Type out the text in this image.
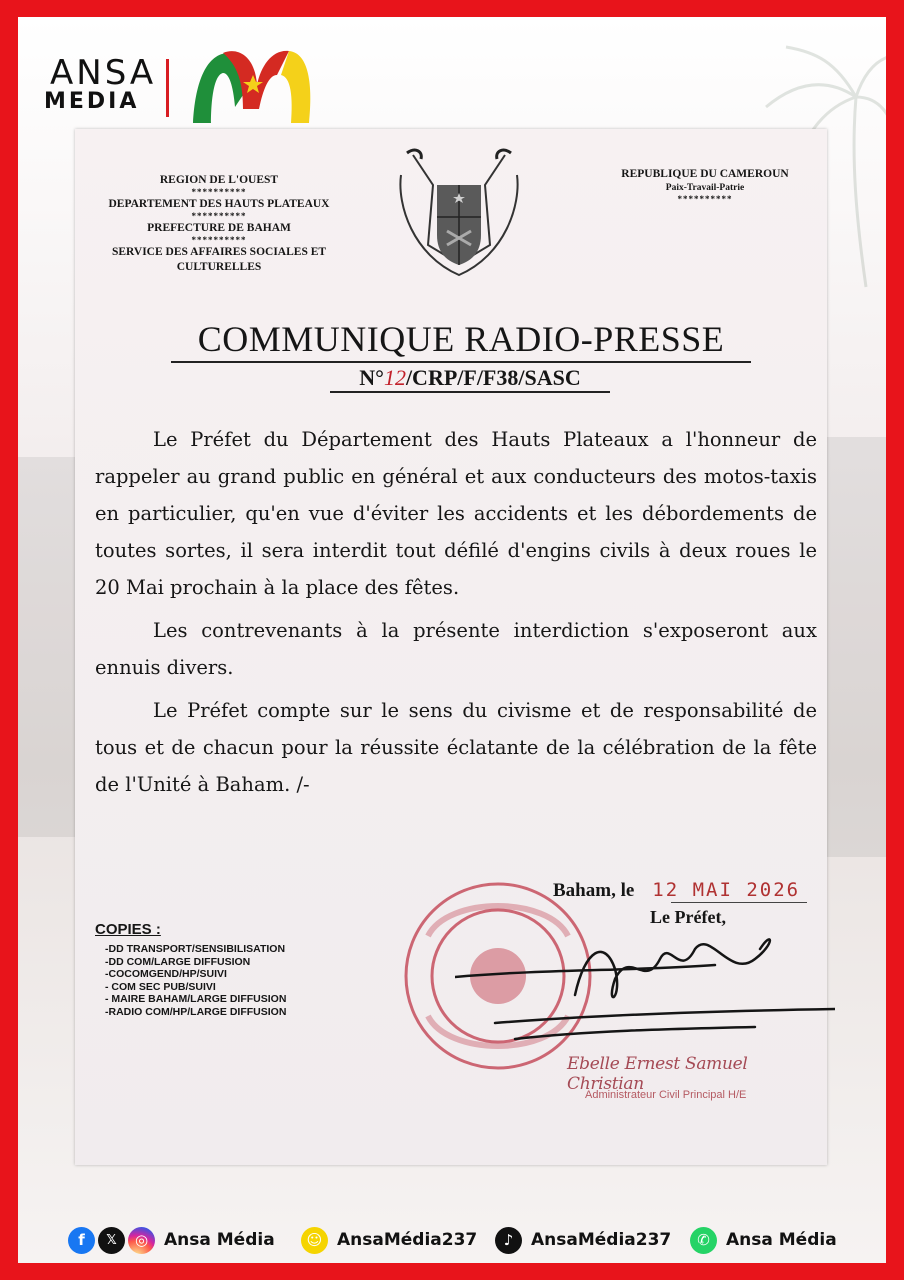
ANSA
MEDIA
REGION DE L'OUEST
**********
DEPARTEMENT DES HAUTS PLATEAUX
**********
PREFECTURE DE BAHAM
**********
SERVICE DES AFFAIRES SOCIALES ET CULTURELLES
REPUBLIQUE DU CAMEROUN
Paix-Travail-Patrie
**********
COMMUNIQUE RADIO-PRESSE
N°12/CRP/F/F38/SASC

Le Préfet du Département des Hauts Plateaux a l'honneur de rappeler au grand public en général et aux conducteurs des motos-taxis en particulier, qu'en vue d'éviter les accidents et les débordements de toutes sortes, il sera interdit tout défilé d'engins civils à deux roues le 20 Mai prochain à la place des fêtes.

Les contrevenants à la présente interdiction s'exposeront aux ennuis divers.

Le Préfet compte sur le sens du civisme et de responsabilité de tous et de chacun pour la réussite éclatante de la célébration de la fête de l'Unité à Baham. /-

Baham, le 12 MAI 2026
Le Préfet,
COPIES :
-DD TRANSPORT/SENSIBILISATION
-DD COM/LARGE DIFFUSION
-COCOMGEND/HP/SUIVI
- COM SEC PUB/SUIVI
- MAIRE BAHAM/LARGE DIFFUSION
-RADIO COM/HP/LARGE DIFFUSION
Ebelle Ernest Samuel Christian
Administrateur Civil Principal H/E
f	𝕏	◎ Ansa Média	☺ AnsaMédia237	♪	AnsaMédia237	✆ Ansa Média
